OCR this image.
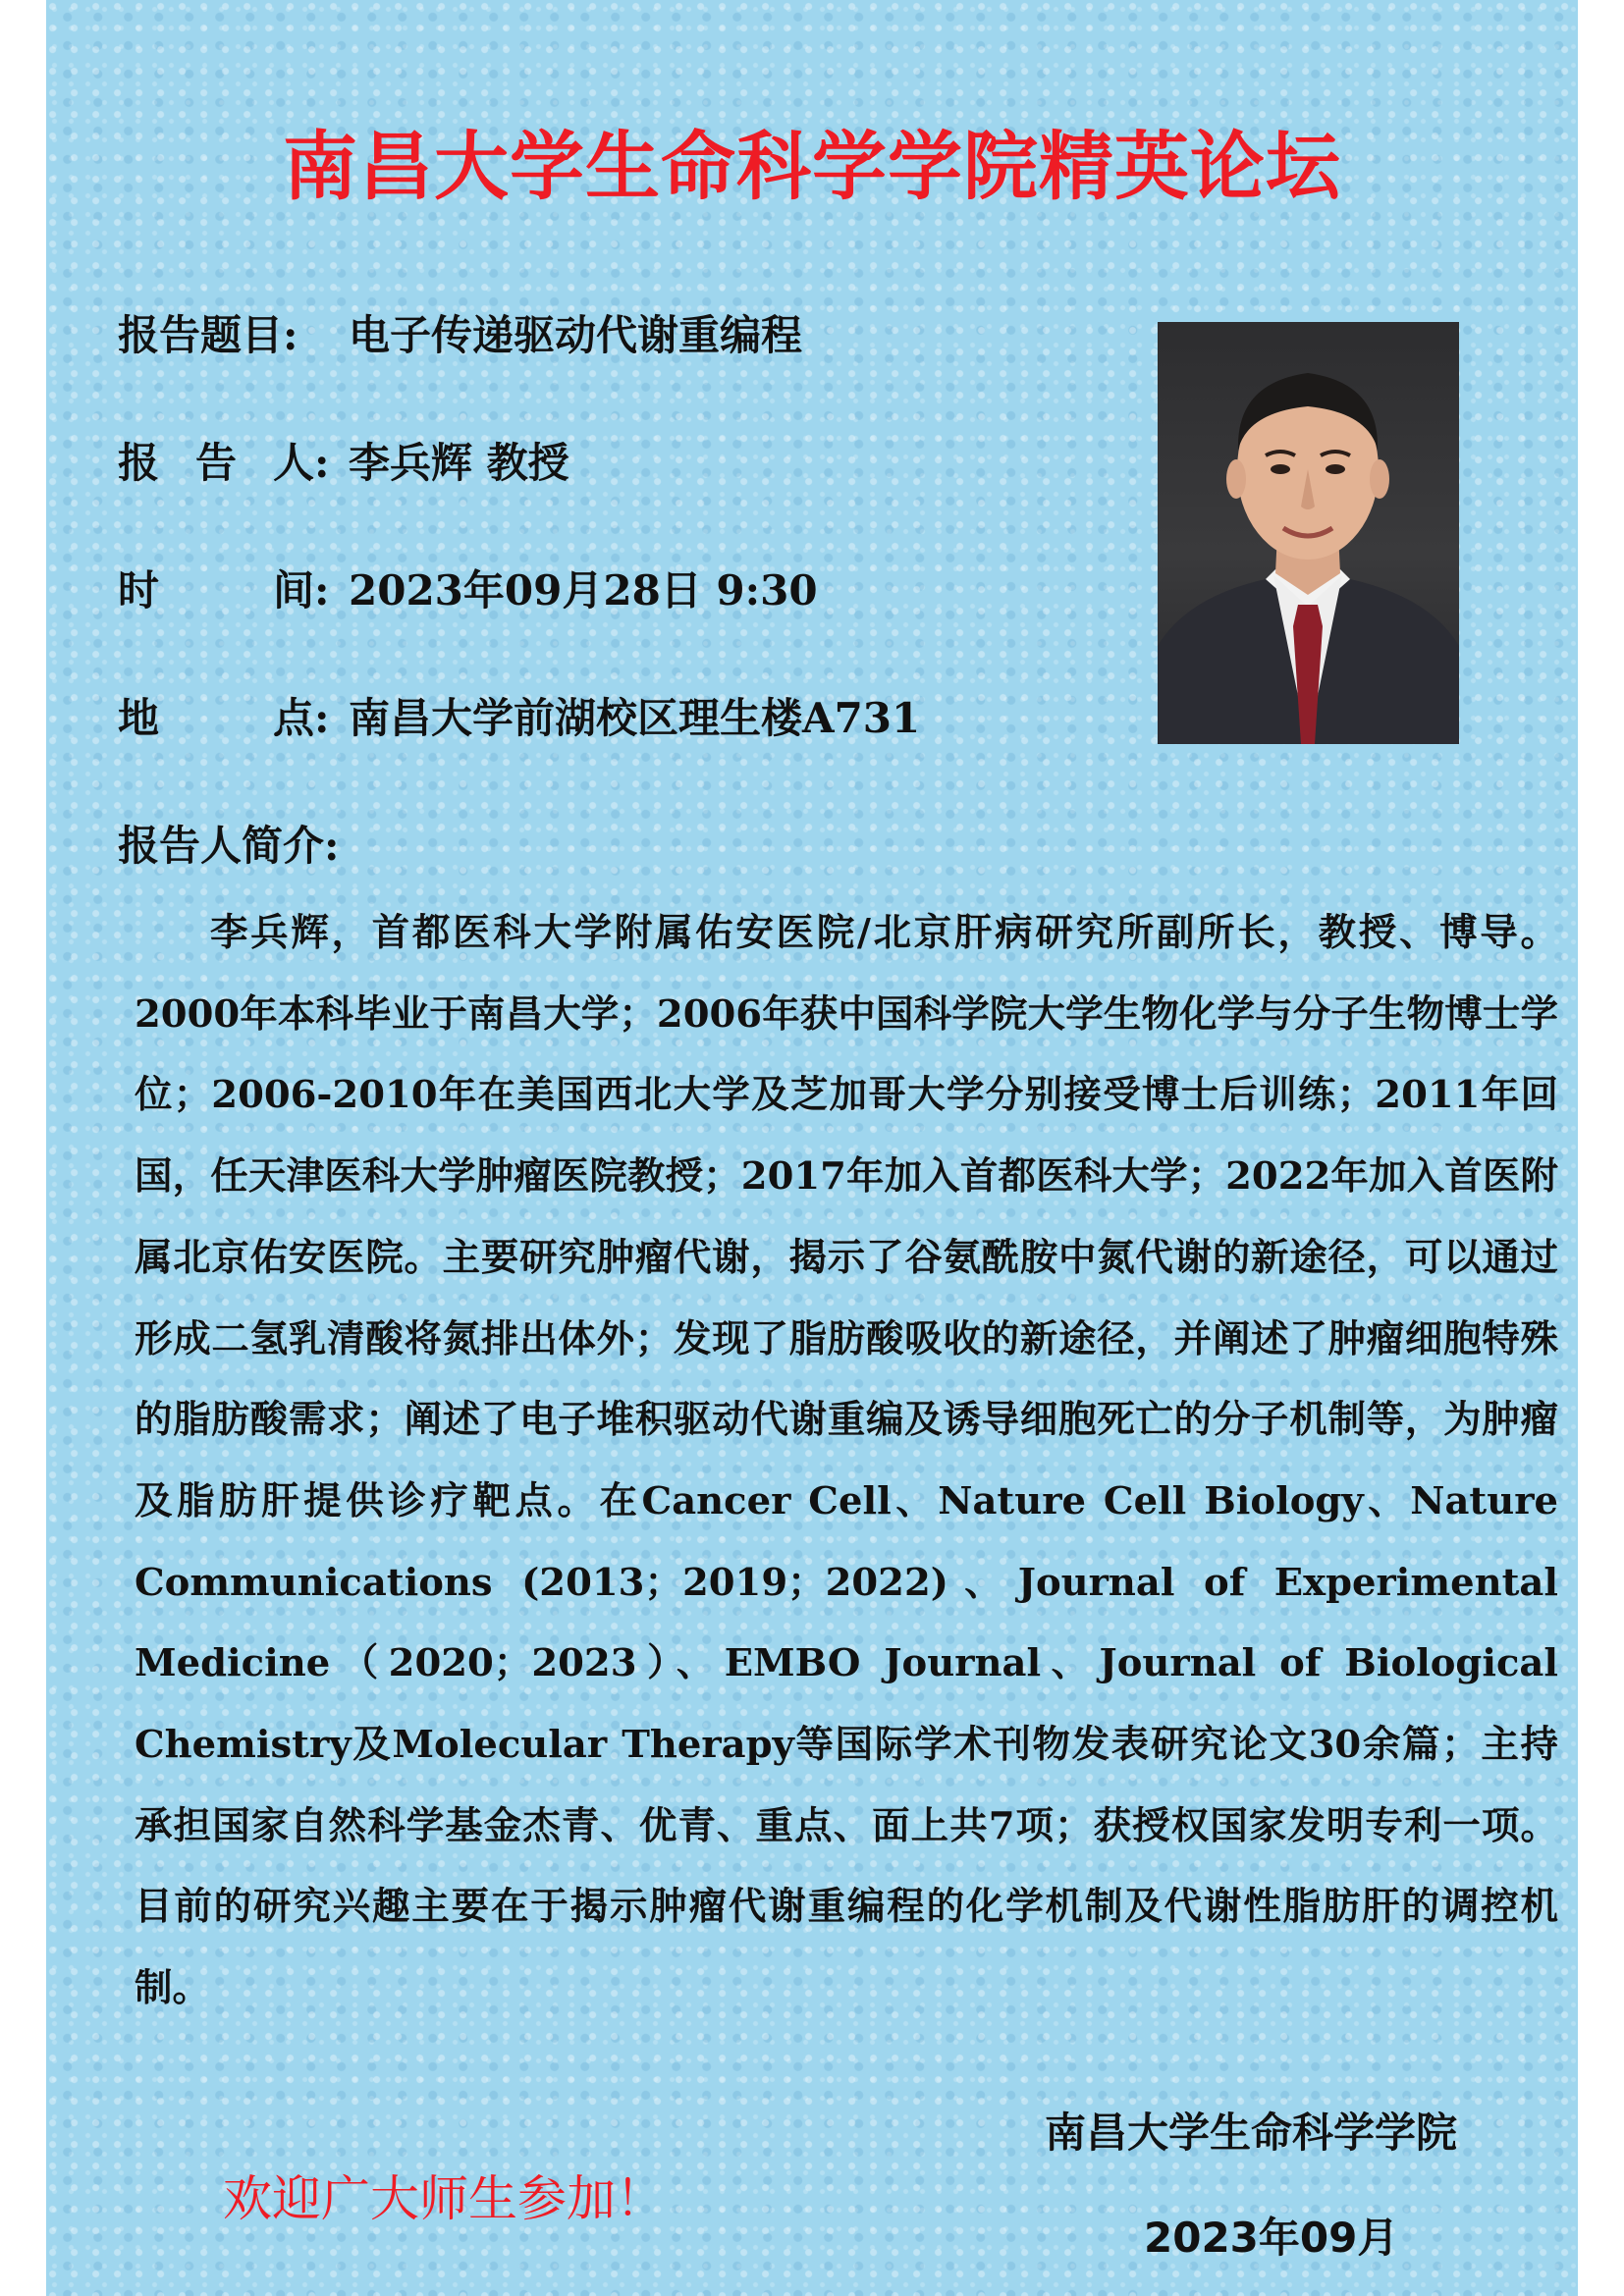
南昌大学生命科学学院精英论坛
报告题目: 电子传递驱动代谢重编程
报 告 人 : 李兵辉 教授
时	间 : 2023年09月28日 9:30
地	点 : 南昌大学前湖校区理生楼A731
报告人简介:

李兵辉，首都医科大学附属佑安医院/北京肝病研究所副所长，教授、博导。2000年本科毕业于南昌大学；2006年获中国科学院大学生物化学与分子生物博士学位；2006-2010年在美国西北大学及芝加哥大学分别接受博士后训练；2011年回国，任天津医科大学肿瘤医院教授；2017年加入首都医科大学；2022年加入首医附属北京佑安医院。主要研究肿瘤代谢，揭示了谷氨酰胺中氮代谢的新途径，可以通过形成二氢乳清酸将氮排出体外；发现了脂肪酸吸收的新途径，并阐述了肿瘤细胞特殊的脂肪酸需求；阐述了电子堆积驱动代谢重编及诱导细胞死亡的分子机制等，为肿瘤及脂肪肝提供诊疗靶点。在Cancer Cell、Nature Cell Biology、Nature Communications (2013；2019；2022)、Journal of Experimental Medicine（2020；2023）、EMBO Journal、Journal of Biological Chemistry及Molecular Therapy等国际学术刊物发表研究论文30余篇；主持承担国家自然科学基金杰青、优青、重点、面上共7项；获授权国家发明专利一项。目前的研究兴趣主要在于揭示肿瘤代谢重编程的化学机制及代谢性脂肪肝的调控机制。

南昌大学生命科学学院
欢迎广大师生参加！
2023年09月
